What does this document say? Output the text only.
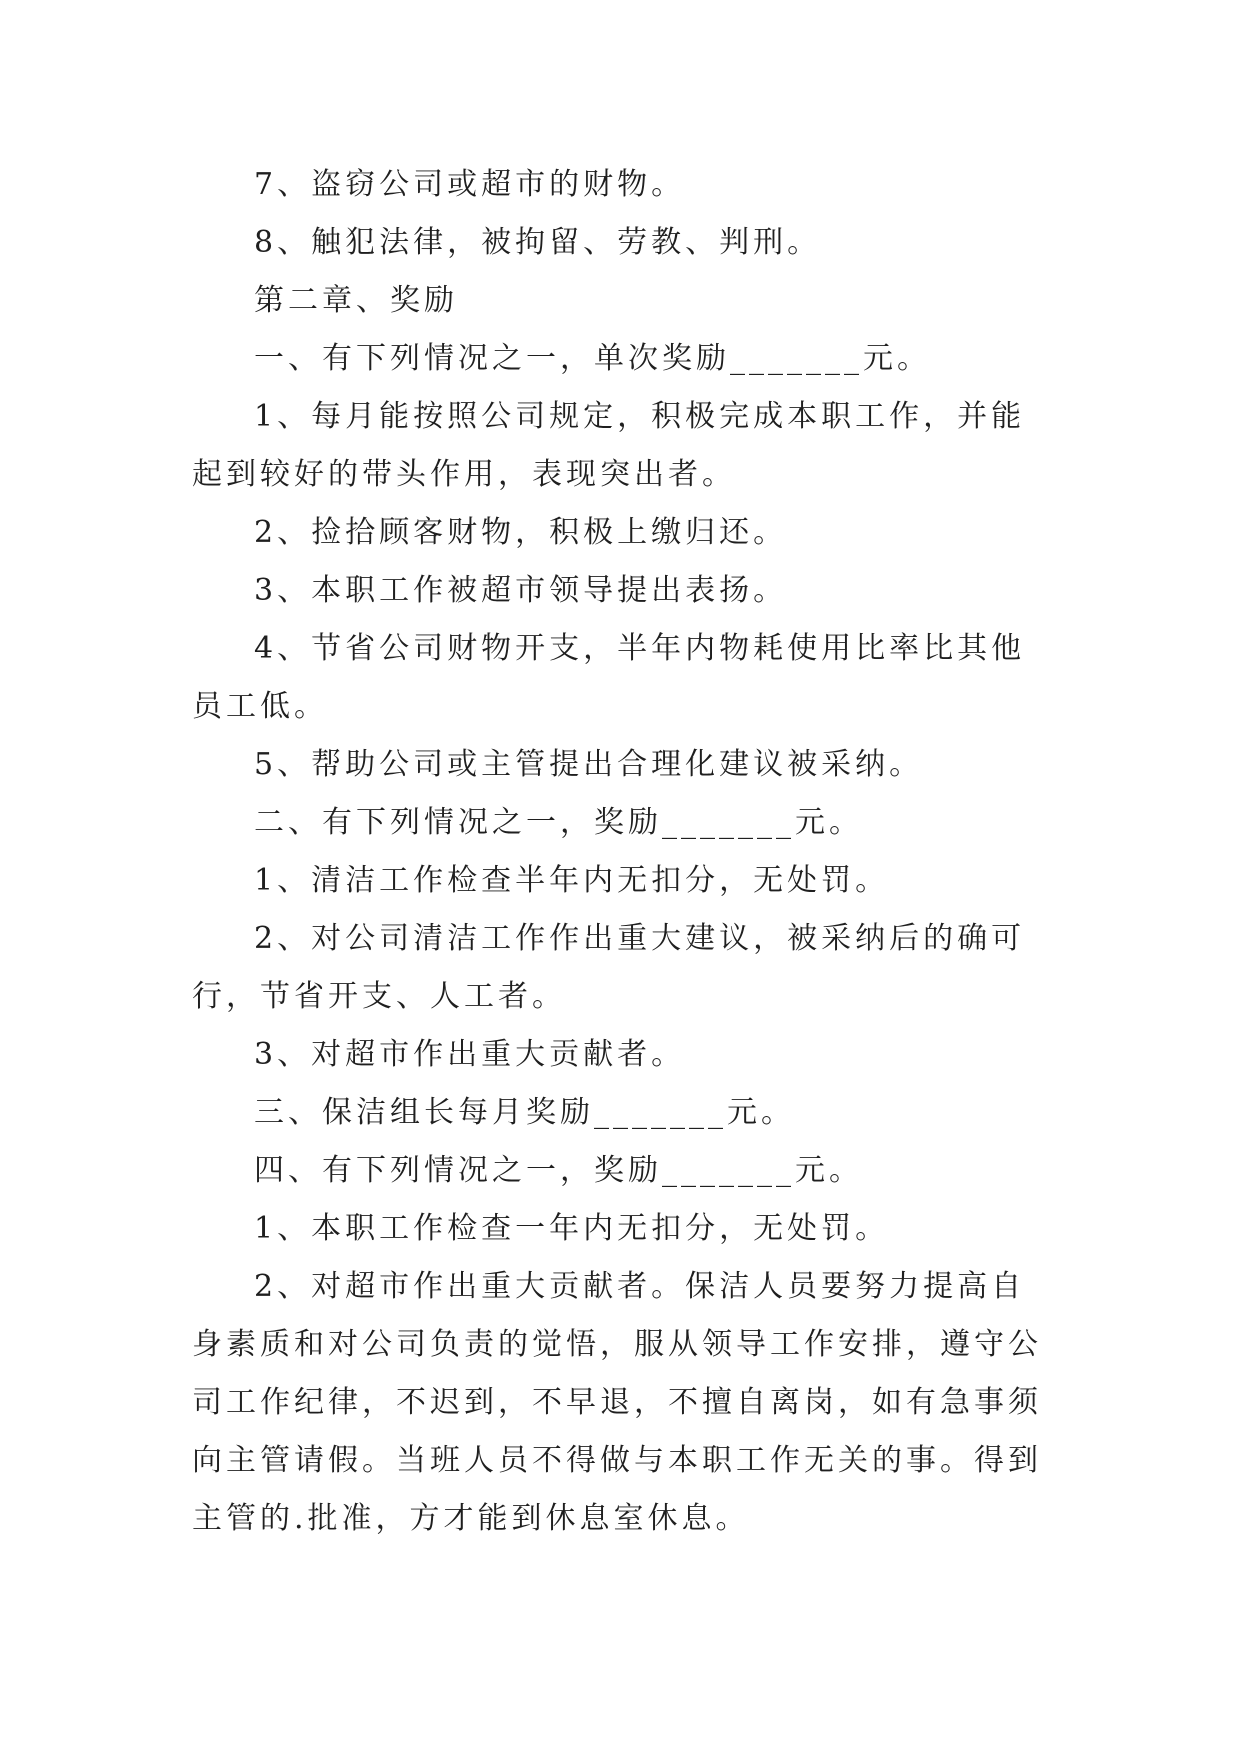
7、盗窃公司或超市的财物。

8、触犯法律，被拘留、劳教、判刑。

第二章、奖励

一、有下列情况之一，单次奖励_______元。

1、每月能按照公司规定，积极完成本职工作，并能起到较好的带头作用，表现突出者。

2、捡拾顾客财物，积极上缴归还。

3、本职工作被超市领导提出表扬。

4、节省公司财物开支，半年内物耗使用比率比其他员工低。

5、帮助公司或主管提出合理化建议被采纳。

二、有下列情况之一，奖励_______元。

1、清洁工作检查半年内无扣分，无处罚。

2、对公司清洁工作作出重大建议，被采纳后的确可行，节省开支、人工者。

3、对超市作出重大贡献者。

三、保洁组长每月奖励_______元。

四、有下列情况之一，奖励_______元。

1、本职工作检查一年内无扣分，无处罚。

2、对超市作出重大贡献者。保洁人员要努力提高自身素质和对公司负责的觉悟，服从领导工作安排，遵守公司工作纪律，不迟到，不早退，不擅自离岗，如有急事须向主管请假。当班人员不得做与本职工作无关的事。得到主管的.批准，方才能到休息室休息。
